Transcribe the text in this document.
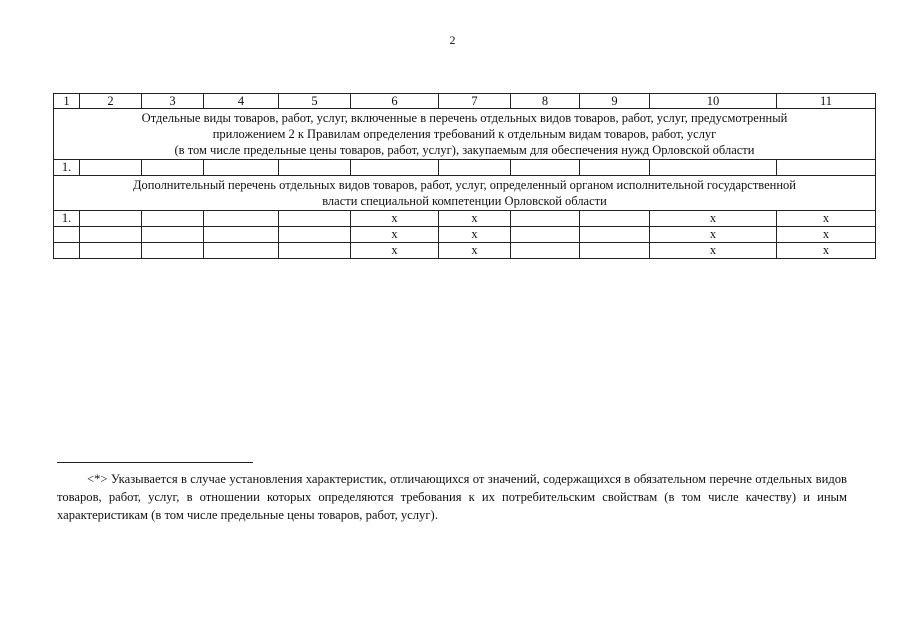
2
1	2	3	4	5	6	7	8	9	10	11

Отдельные виды товаров, работ, услуг, включенные в перечень отдельных видов товаров, работ, услуг, предусмотренный
приложением 2 к Правилам определения требований к отдельным видам товаров, работ, услуг
(в том числе предельные цены товаров, работ, услуг), закупаемым для обеспечения нужд Орловской области										

1.										

Дополнительный перечень отдельных видов товаров, работ, услуг, определенный органом исполнительной государственной
власти специальной компетенции Орловской области										

1.					x	x			x	x
					x	x			x	x
					x	x			x	x
<*> Указывается в случае установления характеристик, отличающихся от значений, содержащихся в обязательном перечне отдельных видов товаров, работ, услуг, в отношении которых определяются требования к их потребительским свойствам (в том числе качеству) и иным характеристикам (в том числе предельные цены товаров, работ, услуг).
